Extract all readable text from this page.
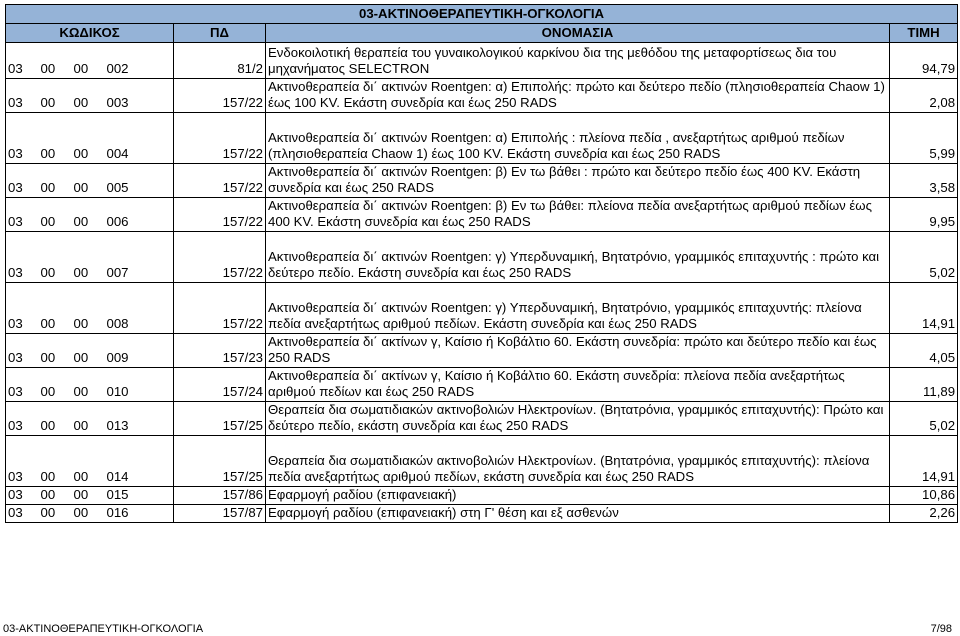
03-ΑΚΤΙΝΟΘΕΡΑΠΕΥΤΙΚΗ-ΟΓΚΟΛΟΓΙΑ						
ΚΩΔΙΚΟΣ				ΠΔ	ΟΝΟΜΑΣΙΑ	ΤΙΜΗ
03	00	00	002	81/2	Ενδοκοιλοτική θεραπεία του γυναικολογικού καρκίνου δια της μεθόδου της μεταφορτίσεως δια του μηχανήματος SELECTRON	94,79
03	00	00	003	157/22	Ακτινοθεραπεία δι΄ ακτινών Roentgen: α) Επιπολής: πρώτο και δεύτερο πεδίο (πλησιοθεραπεία Chaow 1) έως 100 KV. Εκάστη συνεδρία και έως 250 RADS	2,08
03	00	00	004	157/22	Ακτινοθεραπεία δι΄ ακτινών Roentgen: α) Επιπολής : πλείονα πεδία , ανεξαρτήτως αριθμού πεδίων (πλησιοθεραπεία Chaow 1) έως 100 KV. Εκάστη συνεδρία και έως 250 RADS	5,99
03	00	00	005	157/22	Ακτινοθεραπεία δι΄ ακτινών Roentgen: β) Εν τω βάθει : πρώτο και δεύτερο πεδίο έως 400 KV. Εκάστη συνεδρία και έως 250 RADS	3,58
03	00	00	006	157/22	Ακτινοθεραπεία δι΄ ακτινών Roentgen: β) Εν τω βάθει: πλείονα πεδία ανεξαρτήτως αριθμού πεδίων έως 400 KV. Εκάστη συνεδρία και έως 250 RADS	9,95
03	00	00	007	157/22	Ακτινοθεραπεία δι΄ ακτινών Roentgen: γ) Υπερδυναμική, Βητατρόνιο, γραμμικός επιταχυντής : πρώτο και δεύτερο πεδίο. Εκάστη συνεδρία και έως 250 RADS	5,02
03	00	00	008	157/22	Ακτινοθεραπεία δι΄ ακτινών Roentgen: γ) Υπερδυναμική, Βητατρόνιο, γραμμικός επιταχυντής: πλείονα πεδία ανεξαρτήτως αριθμού πεδίων. Εκάστη συνεδρία και έως 250 RADS	14,91
03	00	00	009	157/23	Ακτινοθεραπεία δι΄ ακτίνων γ, Καίσιο ή Κοβάλτιο 60. Εκάστη συνεδρία: πρώτο και δεύτερο πεδίο και έως 250 RADS	4,05
03	00	00	010	157/24	Ακτινοθεραπεία δι΄ ακτίνων γ, Καίσιο ή Κοβάλτιο 60. Εκάστη συνεδρία: πλείονα πεδία ανεξαρτήτως αριθμού πεδίων και έως 250 RADS	11,89
03	00	00	013	157/25	Θεραπεία δια σωματιδιακών ακτινοβολιών Ηλεκτρονίων. (Βητατρόνια, γραμμικός επιταχυντής): Πρώτο και δεύτερο πεδίο, εκάστη συνεδρία και έως 250 RADS	5,02
03	00	00	014	157/25	Θεραπεία δια σωματιδιακών ακτινοβολιών Ηλεκτρονίων. (Βητατρόνια, γραμμικός επιταχυντής): πλείονα πεδία ανεξαρτήτως αριθμού πεδίων, εκάστη συνεδρία και έως 250 RADS	14,91
03	00	00	015	157/86	Εφαρμογή ραδίου (επιφανειακή)	10,86
03	00	00	016	157/87	Εφαρμογή ραδίου (επιφανειακή) στη Γ' θέση και εξ ασθενών	2,26
03-ΑΚΤΙΝΟΘΕΡΑΠΕΥΤΙΚΗ-ΟΓΚΟΛΟΓΙΑ	7/98
